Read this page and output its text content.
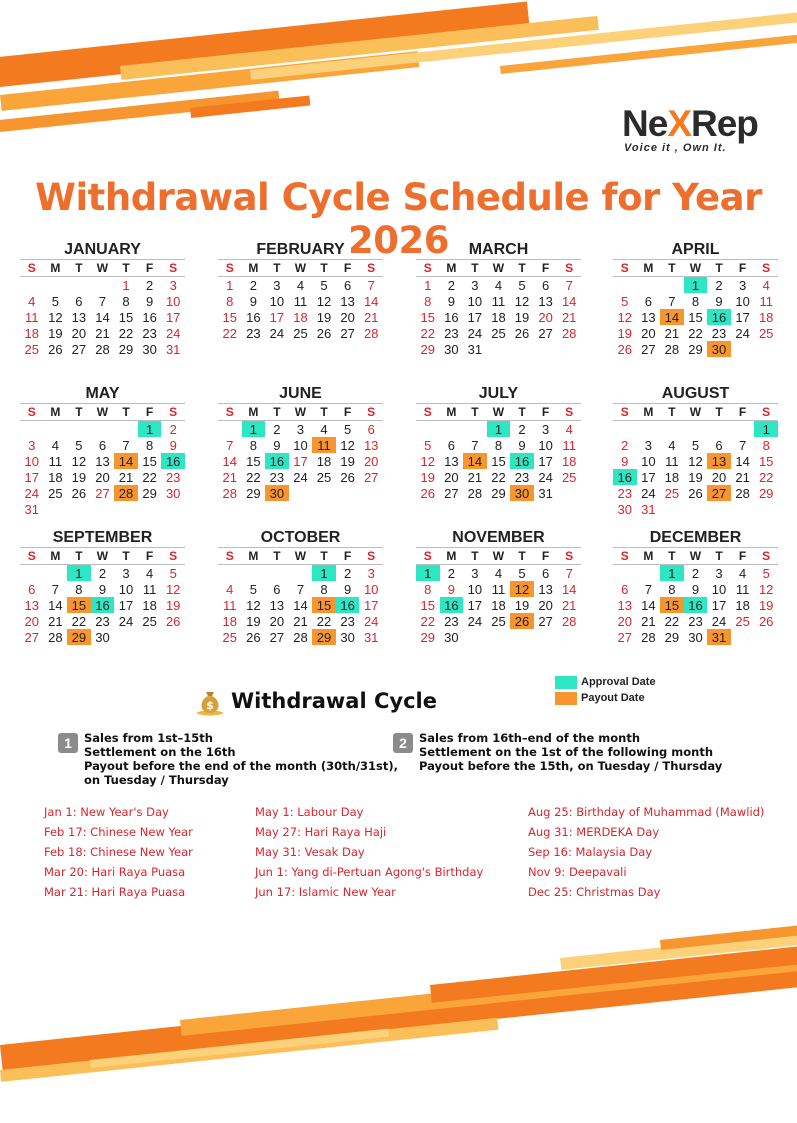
NeXRep
Voice it , Own It.
Withdrawal Cycle Schedule for Year 2026
JANUARY
S	M	T	W	T	F	S
				1	2	3
4	5	6	7	8	9	10
11	12	13	14	15	16	17
18	19	20	21	22	23	24
25	26	27	28	29	30	31
FEBRUARY
S	M	T	W	T	F	S
1	2	3	4	5	6	7
8	9	10	11	12	13	14
15	16	17	18	19	20	21
22	23	24	25	26	27	28
MARCH
S	M	T	W	T	F	S
1	2	3	4	5	6	7
8	9	10	11	12	13	14
15	16	17	18	19	20	21
22	23	24	25	26	27	28
29	30	31				
APRIL
S	M	T	W	T	F	S
			1	2	3	4
5	6	7	8	9	10	11
12	13	14	15	16	17	18
19	20	21	22	23	24	25
26	27	28	29	30		
MAY
S	M	T	W	T	F	S
					1	2
3	4	5	6	7	8	9
10	11	12	13	14	15	16
17	18	19	20	21	22	23
24	25	26	27	28	29	30
31						
JUNE
S	M	T	W	T	F	S
	1	2	3	4	5	6
7	8	9	10	11	12	13
14	15	16	17	18	19	20
21	22	23	24	25	26	27
28	29	30				
JULY
S	M	T	W	T	F	S
			1	2	3	4
5	6	7	8	9	10	11
12	13	14	15	16	17	18
19	20	21	22	23	24	25
26	27	28	29	30	31	
AUGUST
S	M	T	W	T	F	S
						1
2	3	4	5	6	7	8
9	10	11	12	13	14	15
16	17	18	19	20	21	22
23	24	25	26	27	28	29
30	31					
SEPTEMBER
S	M	T	W	T	F	S
		1	2	3	4	5
6	7	8	9	10	11	12
13	14	15	16	17	18	19
20	21	22	23	24	25	26
27	28	29	30			
OCTOBER
S	M	T	W	T	F	S
				1	2	3
4	5	6	7	8	9	10
11	12	13	14	15	16	17
18	19	20	21	22	23	24
25	26	27	28	29	30	31
NOVEMBER
S	M	T	W	T	F	S
1	2	3	4	5	6	7
8	9	10	11	12	13	14
15	16	17	18	19	20	21
22	23	24	25	26	27	28
29	30					
DECEMBER
S	M	T	W	T	F	S
		1	2	3	4	5
6	7	8	9	10	11	12
13	14	15	16	17	18	19
20	21	22	23	24	25	26
27	28	29	30	31		
Approval Date
Payout Date
$ Withdrawal Cycle
1	Sales from 1st–15th
Settlement on the 16th
Payout before the end of the month (30th/31st),
on Tuesday / Thursday
2	Sales from 16th–end of the month
Settlement on the 1st of the following month
Payout before the 15th, on Tuesday / Thursday
Jan 1: New Year's Day
Feb 17: Chinese New Year
Feb 18: Chinese New Year
Mar 20: Hari Raya Puasa
Mar 21: Hari Raya Puasa
May 1: Labour Day
May 27: Hari Raya Haji
May 31: Vesak Day
Jun 1: Yang di-Pertuan Agong's Birthday
Jun 17: Islamic New Year
Aug 25: Birthday of Muhammad (Mawlid)
Aug 31: MERDEKA Day
Sep 16: Malaysia Day
Nov 9: Deepavali
Dec 25: Christmas Day
